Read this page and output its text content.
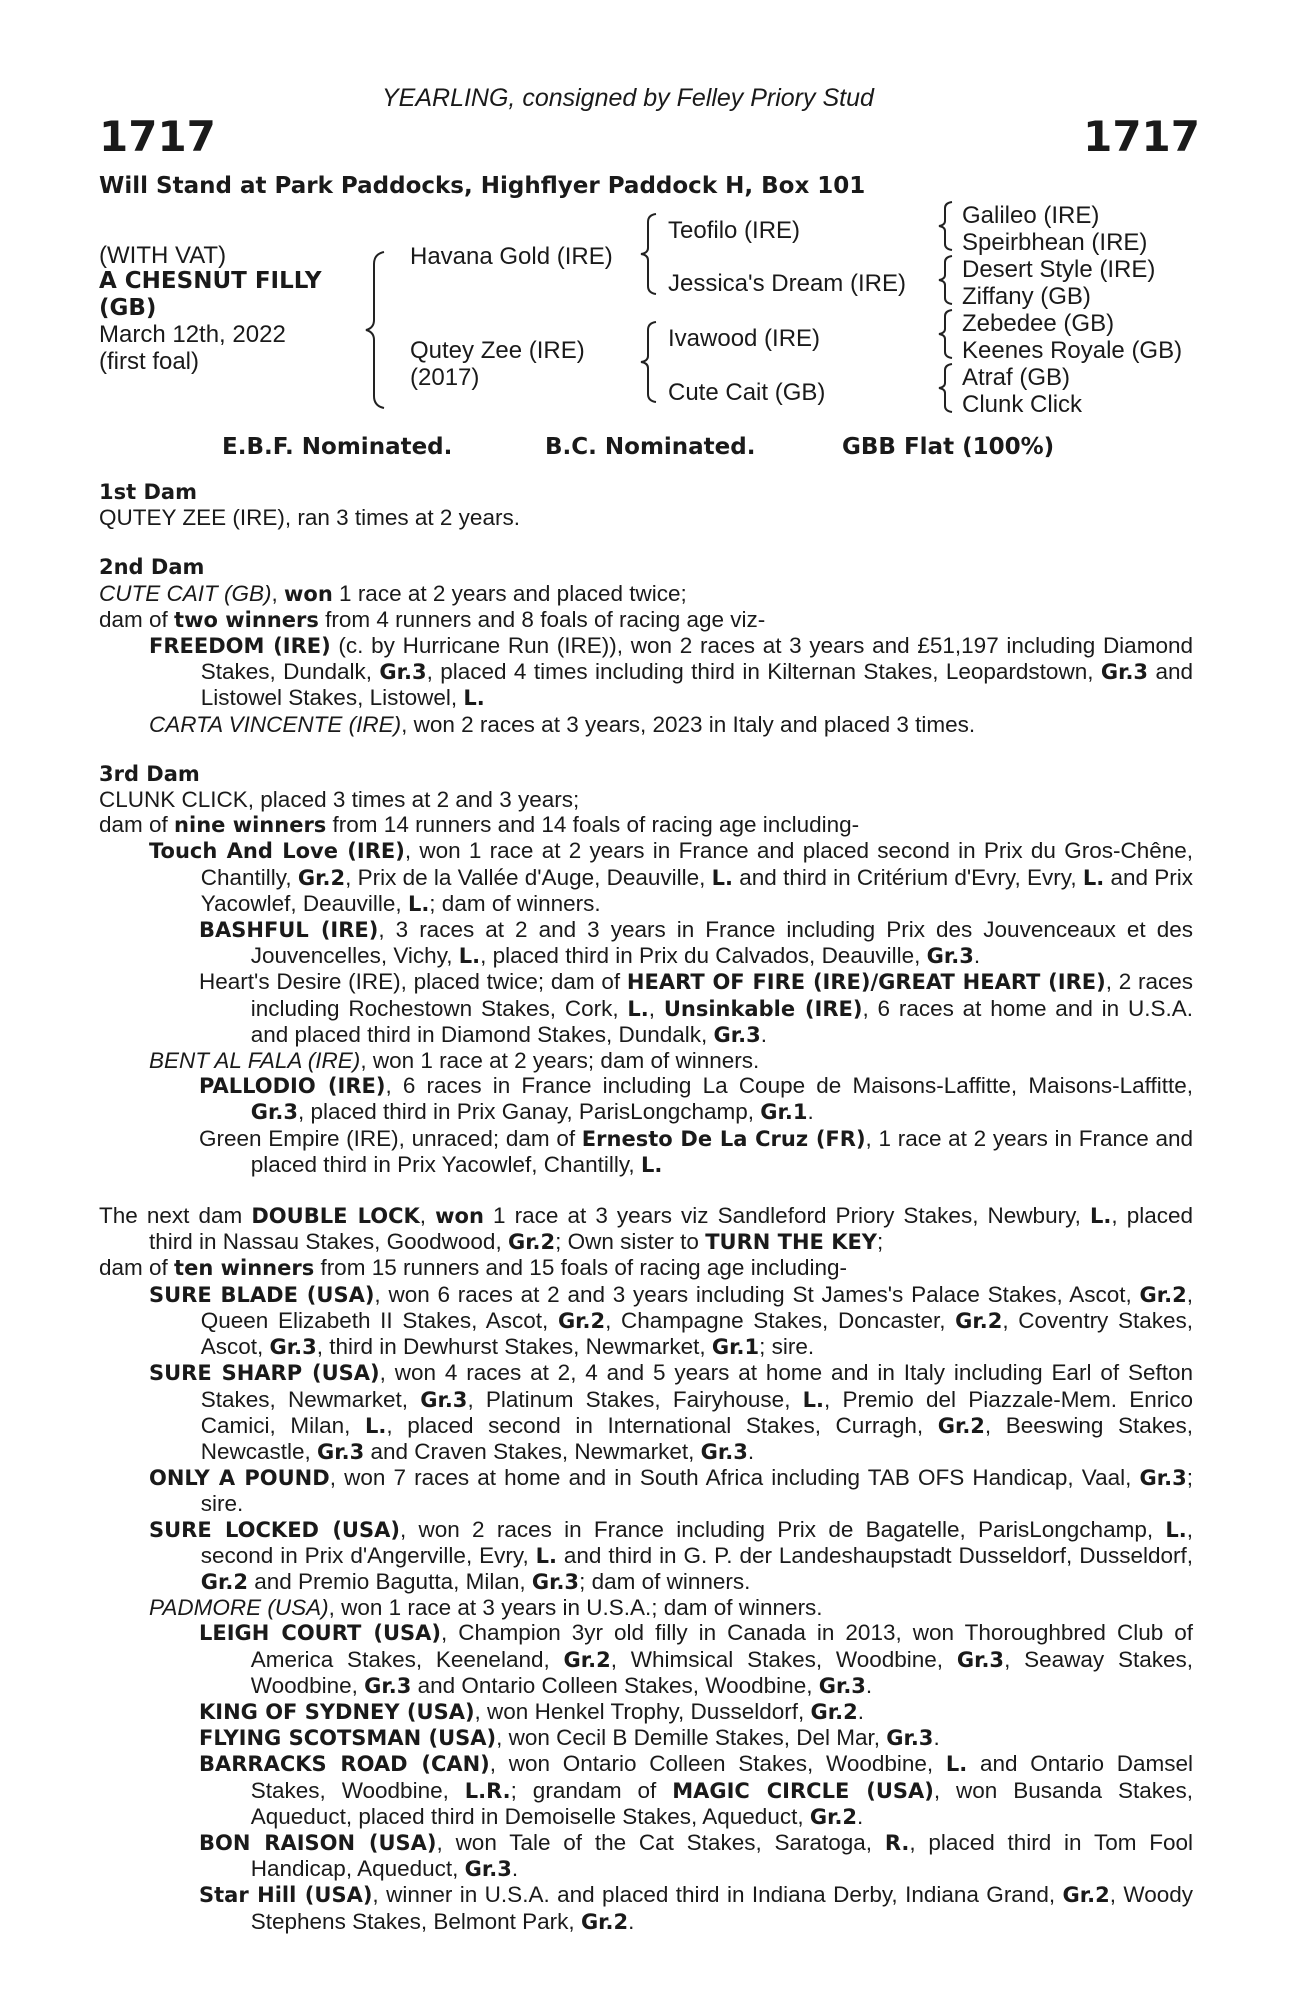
YEARLING, consigned by Felley Priory Stud
1717	1717
Will Stand at Park Paddocks, Highflyer Paddock H, Box 101
(WITH VAT)
A CHESNUT FILLY
(GB)
March 12th, 2022
(first foal)
Havana Gold (IRE)
Qutey Zee (IRE)
(2017)
Teofilo (IRE)
Jessica's Dream (IRE)
Ivawood (IRE)
Cute Cait (GB)
Galileo (IRE)
Speirbhean (IRE)
Desert Style (IRE)
Ziffany (GB)
Zebedee (GB)
Keenes Royale (GB)
Atraf (GB)
Clunk Click
E.B.F. Nominated.	B.C. Nominated.	GBB Flat (100%)
1st Dam

QUTEY ZEE (IRE), ran 3 times at 2 years.

2nd Dam

CUTE CAIT (GB), won 1 race at 2 years and placed twice;

dam of two winners from 4 runners and 8 foals of racing age viz-

FREEDOM (IRE) (c. by Hurricane Run (IRE)), won 2 races at 3 years and £51,197 including Diamond Stakes, Dundalk, Gr.3, placed 4 times including third in Kilternan Stakes, Leopardstown, Gr.3 and Listowel Stakes, Listowel, L.

CARTA VINCENTE (IRE), won 2 races at 3 years, 2023 in Italy and placed 3 times.

3rd Dam

CLUNK CLICK, placed 3 times at 2 and 3 years;

dam of nine winners from 14 runners and 14 foals of racing age including-

Touch And Love (IRE), won 1 race at 2 years in France and placed second in Prix du Gros-Chêne, Chantilly, Gr.2, Prix de la Vallée d'Auge, Deauville, L. and third in Critérium d'Evry, Evry, L. and Prix Yacowlef, Deauville, L.; dam of winners.

BASHFUL (IRE), 3 races at 2 and 3 years in France including Prix des Jouvenceaux et des Jouvencelles, Vichy, L., placed third in Prix du Calvados, Deauville, Gr.3.

Heart's Desire (IRE), placed twice; dam of HEART OF FIRE (IRE)/GREAT HEART (IRE), 2 races including Rochestown Stakes, Cork, L., Unsinkable (IRE), 6 races at home and in U.S.A. and placed third in Diamond Stakes, Dundalk, Gr.3.

BENT AL FALA (IRE), won 1 race at 2 years; dam of winners.

PALLODIO (IRE), 6 races in France including La Coupe de Maisons-Laffitte, Maisons-Laffitte, Gr.3, placed third in Prix Ganay, ParisLongchamp, Gr.1.

Green Empire (IRE), unraced; dam of Ernesto De La Cruz (FR), 1 race at 2 years in France and placed third in Prix Yacowlef, Chantilly, L.

The next dam DOUBLE LOCK, won 1 race at 3 years viz Sandleford Priory Stakes, Newbury, L., placed third in Nassau Stakes, Goodwood, Gr.2; Own sister to TURN THE KEY;

dam of ten winners from 15 runners and 15 foals of racing age including-

SURE BLADE (USA), won 6 races at 2 and 3 years including St James's Palace Stakes, Ascot, Gr.2, Queen Elizabeth II Stakes, Ascot, Gr.2, Champagne Stakes, Doncaster, Gr.2, Coventry Stakes, Ascot, Gr.3, third in Dewhurst Stakes, Newmarket, Gr.1; sire.

SURE SHARP (USA), won 4 races at 2, 4 and 5 years at home and in Italy including Earl of Sefton Stakes, Newmarket, Gr.3, Platinum Stakes, Fairyhouse, L., Premio del Piazzale-Mem. Enrico Camici, Milan, L., placed second in International Stakes, Curragh, Gr.2, Beeswing Stakes, Newcastle, Gr.3 and Craven Stakes, Newmarket, Gr.3.

ONLY A POUND, won 7 races at home and in South Africa including TAB OFS Handicap, Vaal, Gr.3; sire.

SURE LOCKED (USA), won 2 races in France including Prix de Bagatelle, ParisLongchamp, L., second in Prix d'Angerville, Evry, L. and third in G. P. der Landeshaupstadt Dusseldorf, Dusseldorf, Gr.2 and Premio Bagutta, Milan, Gr.3; dam of winners.

PADMORE (USA), won 1 race at 3 years in U.S.A.; dam of winners.

LEIGH COURT (USA), Champion 3yr old filly in Canada in 2013, won Thoroughbred Club of America Stakes, Keeneland, Gr.2, Whimsical Stakes, Woodbine, Gr.3, Seaway Stakes, Woodbine, Gr.3 and Ontario Colleen Stakes, Woodbine, Gr.3.

KING OF SYDNEY (USA), won Henkel Trophy, Dusseldorf, Gr.2.

FLYING SCOTSMAN (USA), won Cecil B Demille Stakes, Del Mar, Gr.3.

BARRACKS ROAD (CAN), won Ontario Colleen Stakes, Woodbine, L. and Ontario Damsel Stakes, Woodbine, L.R.; grandam of MAGIC CIRCLE (USA), won Busanda Stakes, Aqueduct, placed third in Demoiselle Stakes, Aqueduct, Gr.2.

BON RAISON (USA), won Tale of the Cat Stakes, Saratoga, R., placed third in Tom Fool Handicap, Aqueduct, Gr.3.

Star Hill (USA), winner in U.S.A. and placed third in Indiana Derby, Indiana Grand, Gr.2, Woody Stephens Stakes, Belmont Park, Gr.2.
